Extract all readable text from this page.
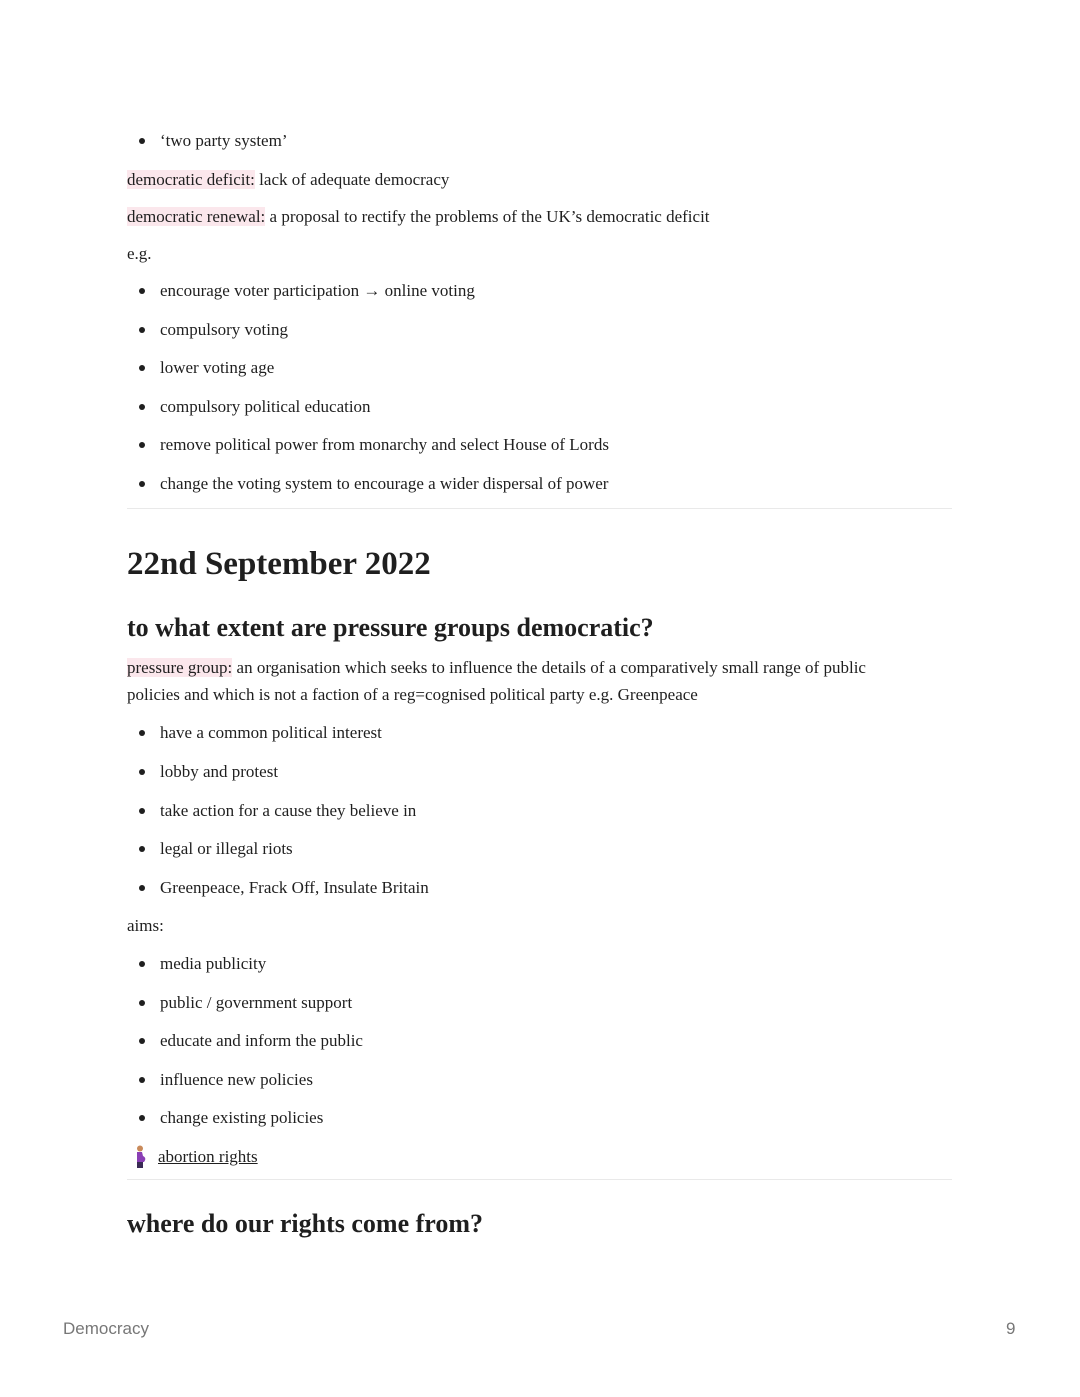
‘two party system’
democratic deficit: lack of adequate democracy
democratic renewal: a proposal to rectify the problems of the UK’s democratic deficit
e.g.
encourage voter participation → online voting
compulsory voting
lower voting age
compulsory political education
remove political power from monarchy and select House of Lords
change the voting system to encourage a wider dispersal of power
22nd September 2022
to what extent are pressure groups democratic?
pressure group: an organisation which seeks to influence the details of a comparatively small range of public
policies and which is not a faction of a reg=cognised political party e.g. Greenpeace
have a common political interest
lobby and protest
take action for a cause they believe in
legal or illegal riots
Greenpeace, Frack Off, Insulate Britain
aims:
media publicity
public / government support
educate and inform the public
influence new policies
change existing policies
abortion rights
where do our rights come from?
Democracy	9
